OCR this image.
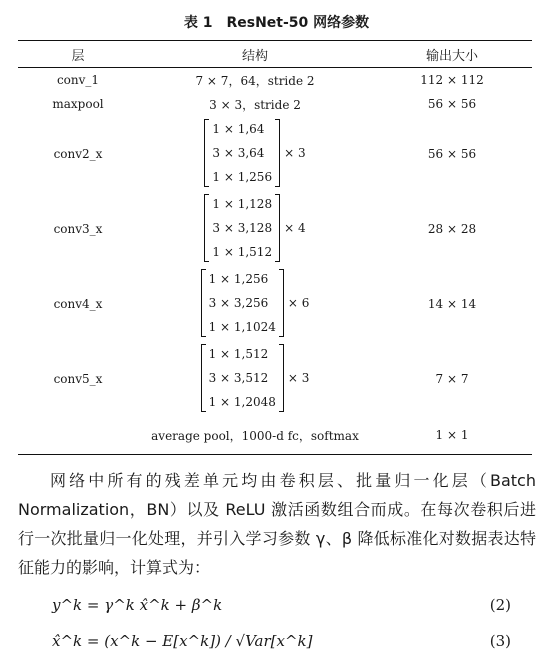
表 1 ResNet-50 网络参数
层	结构	输出大小
conv_1	7 × 7，64，stride 2	112 × 112
maxpool	3 × 3，stride 2	56 × 56
conv2_x	1 × 1,64
3 × 3,64
1 × 1,256
× 3	56 × 56
conv3_x	1 × 1,128
3 × 3,128
1 × 1,512
× 4	28 × 28
conv4_x	1 × 1,256
3 × 3,256
1 × 1,1024
× 6	14 × 14
conv5_x	1 × 1,512
3 × 3,512
1 × 1,2048
× 3	7 × 7
	average pool，1000-d fc，softmax	1 × 1
网络中所有的残差单元均由卷积层、批量归一化层（Batch Normalization，BN）以及 ReLU 激活函数组合而成。在每次卷积后进行一次批量归一化处理，并引入学习参数 γ、β 降低标准化对数据表达特征能力的影响，计算式为：
y^k = γ^k x̂^k + β^k	(2)
x̂^k = (x^k − E[x^k]) / √Var[x^k]	(3)
